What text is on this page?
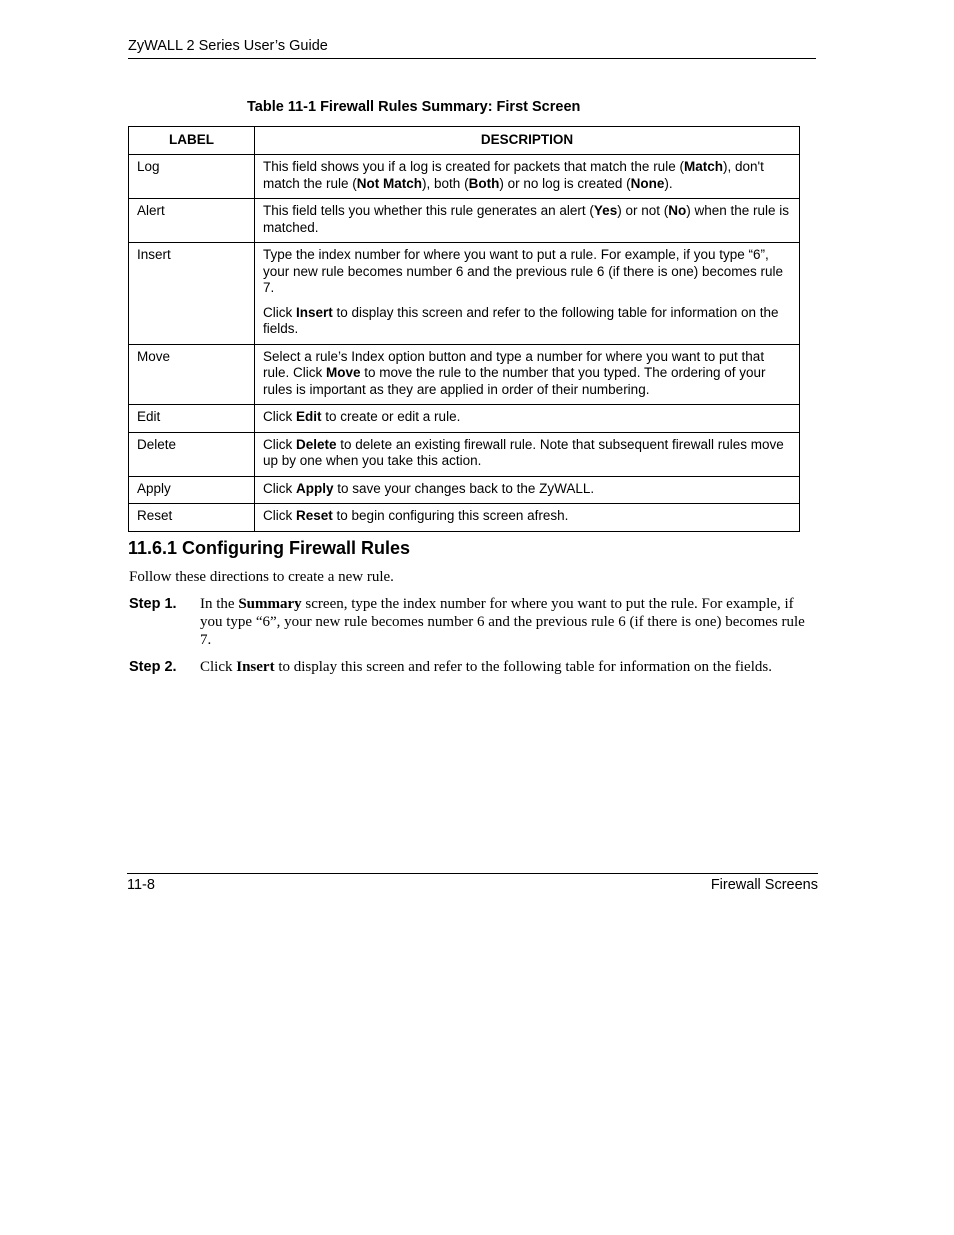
ZyWALL 2 Series User’s Guide
Table 11-1 Firewall Rules Summary: First Screen
LABEL	DESCRIPTION
Log	This field shows you if a log is created for packets that match the rule (Match), don't match the rule (Not Match), both (Both) or no log is created (None).

Alert	This field tells you whether this rule generates an alert (Yes) or not (No) when the rule is matched.

Insert	Type the index number for where you want to put a rule. For example, if you type “6”, your new rule becomes number 6 and the previous rule 6 (if there is one) becomes rule 7.

Click Insert to display this screen and refer to the following table for information on the fields.

Move	Select a rule’s Index option button and type a number for where you want to put that rule. Click Move to move the rule to the number that you typed. The ordering of your rules is important as they are applied in order of their numbering.

Edit	Click Edit to create or edit a rule.

Delete	Click Delete to delete an existing firewall rule. Note that subsequent firewall rules move up by one when you take this action.

Apply	Click Apply to save your changes back to the ZyWALL.

Reset	Click Reset to begin configuring this screen afresh.

11.6.1 Configuring Firewall Rules
Follow these directions to create a new rule.
Step 1.	In the Summary screen, type the index number for where you want to put the rule. For example, if you type “6”, your new rule becomes number 6 and the previous rule 6 (if there is one) becomes rule 7.
Step 2.	Click Insert to display this screen and refer to the following table for information on the fields.
11-8	Firewall Screens
